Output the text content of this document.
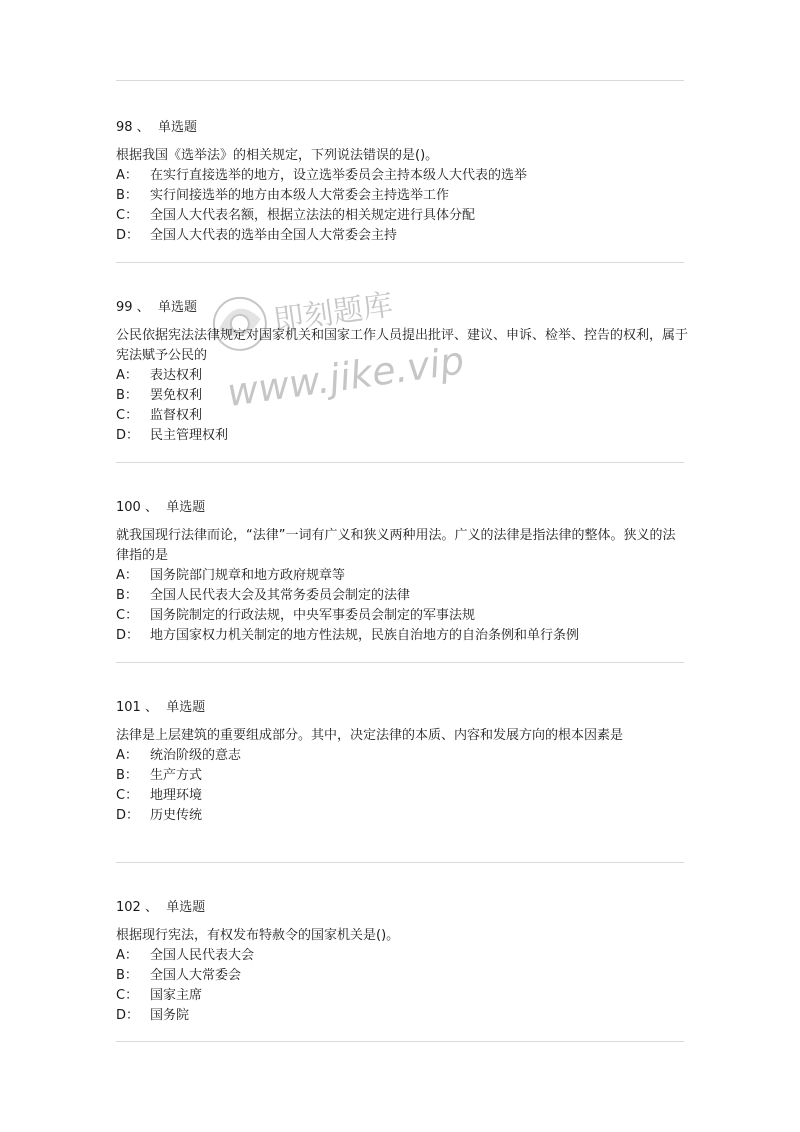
98 、 单选题

根据我国《选举法》的相关规定，下列说法错误的是()。

A： 在实行直接选举的地方，设立选举委员会主持本级人大代表的选举
B： 实行间接选举的地方由本级人大常委会主持选举工作
C： 全国人大代表名额，根据立法法的相关规定进行具体分配
D： 全国人大代表的选举由全国人大常委会主持
99 、 单选题

公民依据宪法法律规定对国家机关和国家工作人员提出批评、建议、申诉、检举、控告的权利，属于宪法赋予公民的

A： 表达权利
B： 罢免权利
C： 监督权利
D： 民主管理权利
100 、 单选题

就我国现行法律而论，“法律”一词有广义和狭义两种用法。广义的法律是指法律的整体。狭义的法律指的是

A： 国务院部门规章和地方政府规章等
B： 全国人民代表大会及其常务委员会制定的法律
C： 国务院制定的行政法规，中央军事委员会制定的军事法规
D： 地方国家权力机关制定的地方性法规，民族自治地方的自治条例和单行条例
101 、 单选题

法律是上层建筑的重要组成部分。其中，决定法律的本质、内容和发展方向的根本因素是

A： 统治阶级的意志
B： 生产方式
C： 地理环境
D： 历史传统
102 、 单选题

根据现行宪法，有权发布特赦令的国家机关是()。

A： 全国人民代表大会
B： 全国人大常委会
C： 国家主席
D： 国务院
即刻题库
www.jike.vip
